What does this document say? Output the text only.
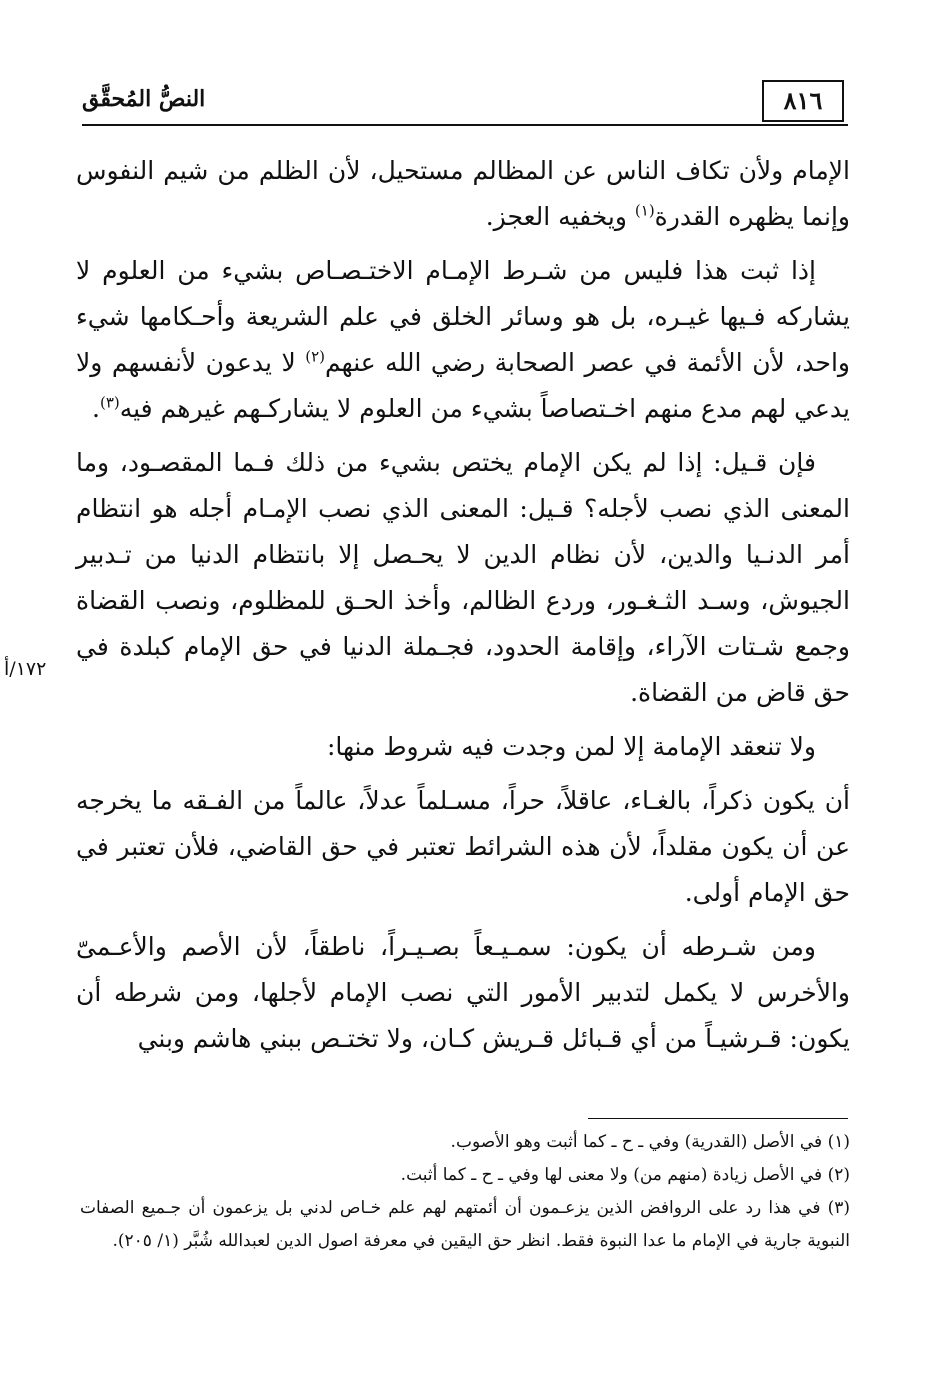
٨١٦
النصُّ المُحقَّق
١٧٢/أ

الإمام ولأن تكاف الناس عن المظالم مستحيل، لأن الظلم من شيم النفوس وإنما يظهره القدرة$^{(١)}$ ويخفيه العجز.

إذا ثبت هذا فليس من شـرط الإمـام الاختـصـاص بشيء من العلوم لا يشاركه فـيها غيـره، بل هو وسائر الخلق في علم الشريعة وأحـكامها شيء واحد، لأن الأئمة في عصر الصحابة رضي الله عنهم$^{(٢)}$ لا يدعون لأنفسهم ولا يدعي لهم مدع منهم اخـتصاصاً بشيء من العلوم لا يشاركـهم غيرهم فيه$^{(٣)}$.

فإن قـيل: إذا لم يكن الإمام يختص بشيء من ذلك فـما المقصـود، وما المعنى الذي نصب لأجله؟ قـيل: المعنى الذي نصب الإمـام أجله هو انتظام أمر الدنـيا والدين، لأن نظام الدين لا يحـصل إلا بانتظام الدنيا من تـدبير الجيوش، وسـد الثـغـور، وردع الظالم، وأخذ الحـق للمظلوم، ونصب القضاة وجمع شـتات الآراء، وإقامة الحدود، فجـملة الدنيا في حق الإمام كبلدة في حق قاض من القضاة.

ولا تنعقد الإمامة إلا لمن وجدت فيه شروط منها:

أن يكون ذكراً، بالغـاء، عاقلاً، حراً، مسـلماً عدلاً، عالماً من الفـقه ما يخرجه عن أن يكون مقلداً، لأن هذه الشرائط تعتبر في حق القاضي، فلأن تعتبر في حق الإمام أولى.

ومن شـرطه أن يكون: سمـيـعاً بصـيـراً، ناطقاً، لأن الأصم والأعـمىّ والأخرس لا يكمل لتدبير الأمور التي نصب الإمام لأجلها، ومن شرطه أن يكون: قـرشيـاً من أي قـبائل قـريش كـان، ولا تختـص ببني هاشم وبني

(١) في الأصل (القدرية) وفي ـ ح ـ كما أثبت وهو الأصوب.

(٢) في الأصل زيادة (منهم من) ولا معنى لها وفي ـ ح ـ كما أثبت.

(٣) في هذا رد على الروافض الذين يزعـمون أن أئمتهم لهم علم خـاص لدني بل يزعمون أن جـميع الصفات النبوية جارية في الإمام ما عدا النبوة فقط. انظر حق اليقين في معرفة اصول الدين لعبدالله شُبَّر (١/ ٢٠٥).
